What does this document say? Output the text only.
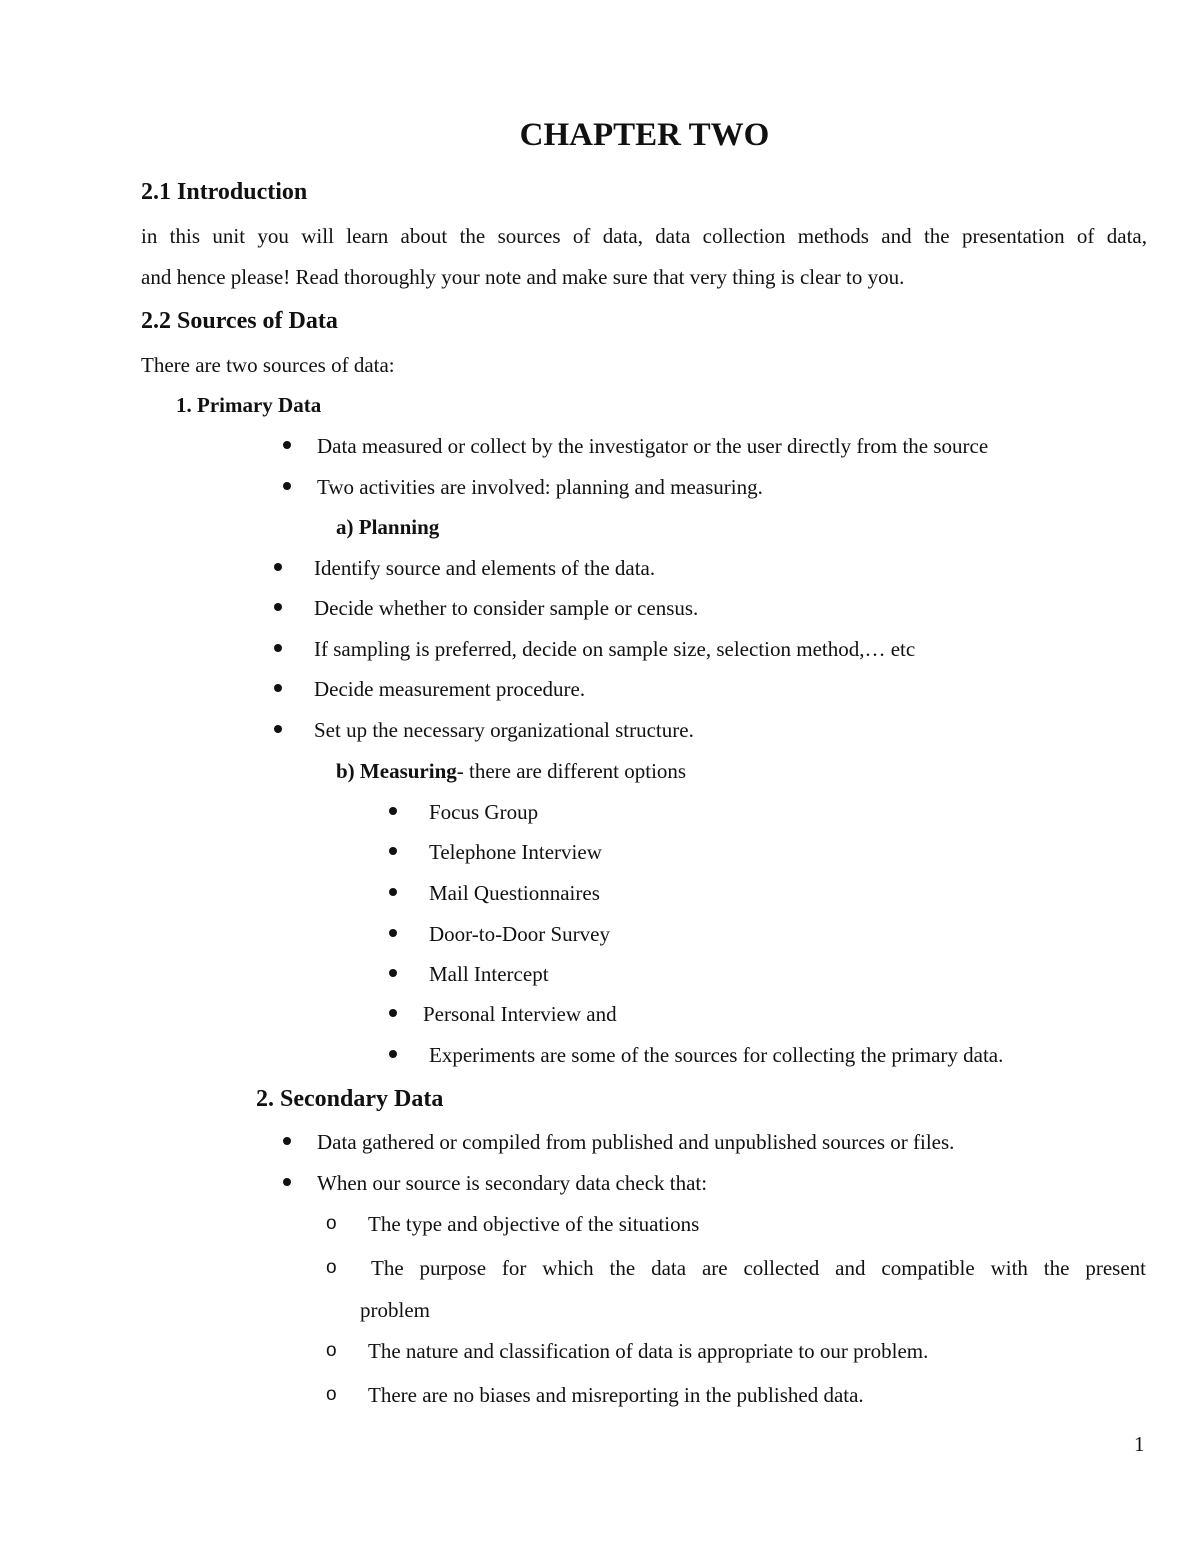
CHAPTER TWO
2.1 Introduction
in this unit you will learn about the sources of data, data collection methods and the presentation of data,
and hence please! Read thoroughly your note and make sure that very thing is clear to you.
2.2 Sources of Data
There are two sources of data:
1. Primary Data
Data measured or collect by the investigator or the user directly from the source
Two activities are involved: planning and measuring.
a) Planning
Identify source and elements of the data.
Decide whether to consider sample or census.
If sampling is preferred, decide on sample size, selection method,… etc
Decide measurement procedure.
Set up the necessary organizational structure.
b) Measuring- there are different options
Focus Group
Telephone Interview
Mail Questionnaires
Door-to-Door Survey
Mall Intercept
Personal Interview and
Experiments are some of the sources for collecting the primary data.
2. Secondary Data
Data gathered or compiled from published and unpublished sources or files.
When our source is secondary data check that:
o The type and objective of the situations
o The purpose for which the data are collected and compatible with the present
problem
o The nature and classification of data is appropriate to our problem.
o There are no biases and misreporting in the published data.
1
